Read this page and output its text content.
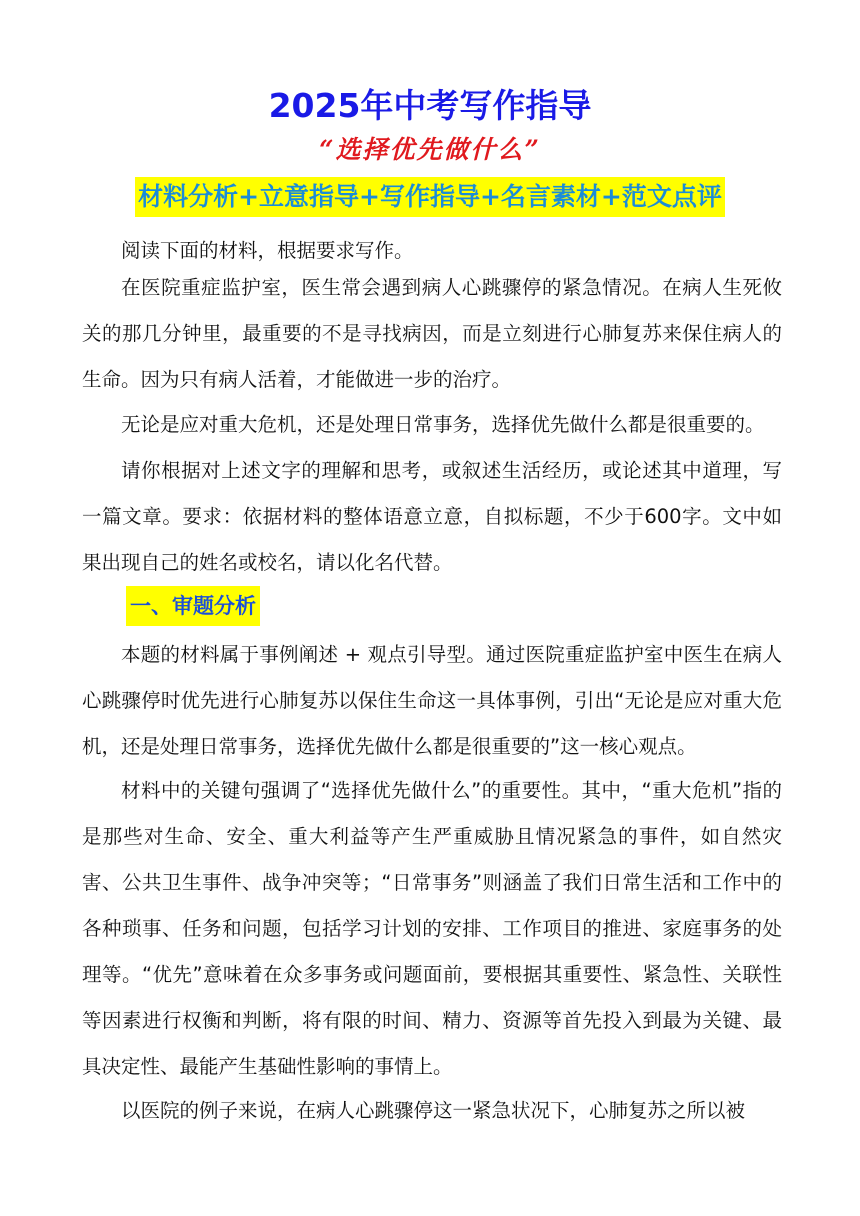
2025年中考写作指导
“选择优先做什么”
材料分析+立意指导+写作指导+名言素材+范文点评

阅读下面的材料，根据要求写作。

在医院重症监护室，医生常会遇到病人心跳骤停的紧急情况。在病人生死攸关的那几分钟里，最重要的不是寻找病因，而是立刻进行心肺复苏来保住病人的生命。因为只有病人活着，才能做进一步的治疗。

无论是应对重大危机，还是处理日常事务，选择优先做什么都是很重要的。

请你根据对上述文字的理解和思考，或叙述生活经历，或论述其中道理，写一篇文章。要求：依据材料的整体语意立意，自拟标题，不少于600字。文中如果出现自己的姓名或校名，请以化名代替。

一、审题分析

本题的材料属于事例阐述 + 观点引导型。通过医院重症监护室中医生在病人心跳骤停时优先进行心肺复苏以保住生命这一具体事例，引出“无论是应对重大危机，还是处理日常事务，选择优先做什么都是很重要的”这一核心观点。

材料中的关键句强调了“选择优先做什么”的重要性。其中，“重大危机”指的是那些对生命、安全、重大利益等产生严重威胁且情况紧急的事件，如自然灾害、公共卫生事件、战争冲突等；“日常事务”则涵盖了我们日常生活和工作中的各种琐事、任务和问题，包括学习计划的安排、工作项目的推进、家庭事务的处理等。“优先”意味着在众多事务或问题面前，要根据其重要性、紧急性、关联性等因素进行权衡和判断，将有限的时间、精力、资源等首先投入到最为关键、最具决定性、最能产生基础性影响的事情上。

以医院的例子来说，在病人心跳骤停这一紧急状况下，心肺复苏之所以被
